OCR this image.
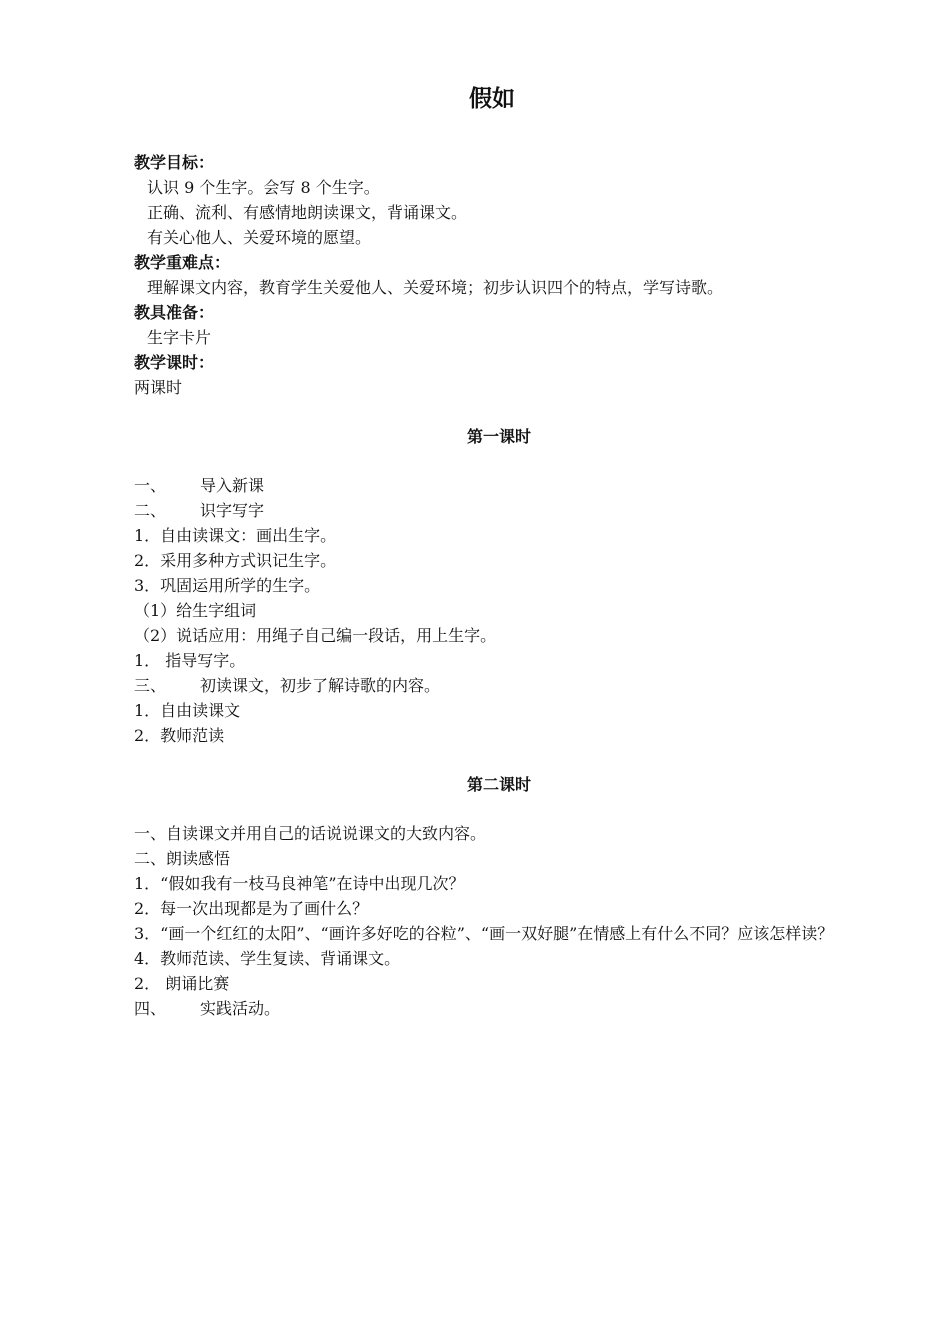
假如
教学目标：
认识 9 个生字。会写 8 个生字。
正确、流利、有感情地朗读课文，背诵课文。
有关心他人、关爱环境的愿望。
教学重难点：
理解课文内容，教育学生关爱他人、关爱环境；初步认识四个的特点，学写诗歌。
教具准备：
生字卡片
教学课时：
两课时
第一课时
一、 导入新课
二、 识字写字
1．自由读课文：画出生字。
2．采用多种方式识记生字。
3．巩固运用所学的生字。
（1）给生字组词
（2）说话应用：用绳子自己编一段话，用上生字。
1． 指导写字。
三、 初读课文，初步了解诗歌的内容。
1．自由读课文
2．教师范读
第二课时
一、自读课文并用自己的话说说课文的大致内容。
二、朗读感悟
1．“假如我有一枝马良神笔”在诗中出现几次？
2．每一次出现都是为了画什么？
3．“画一个红红的太阳”、“画许多好吃的谷粒”、“画一双好腿”在情感上有什么不同？应该怎样读？
4．教师范读、学生复读、背诵课文。
2． 朗诵比赛
四、 实践活动。
